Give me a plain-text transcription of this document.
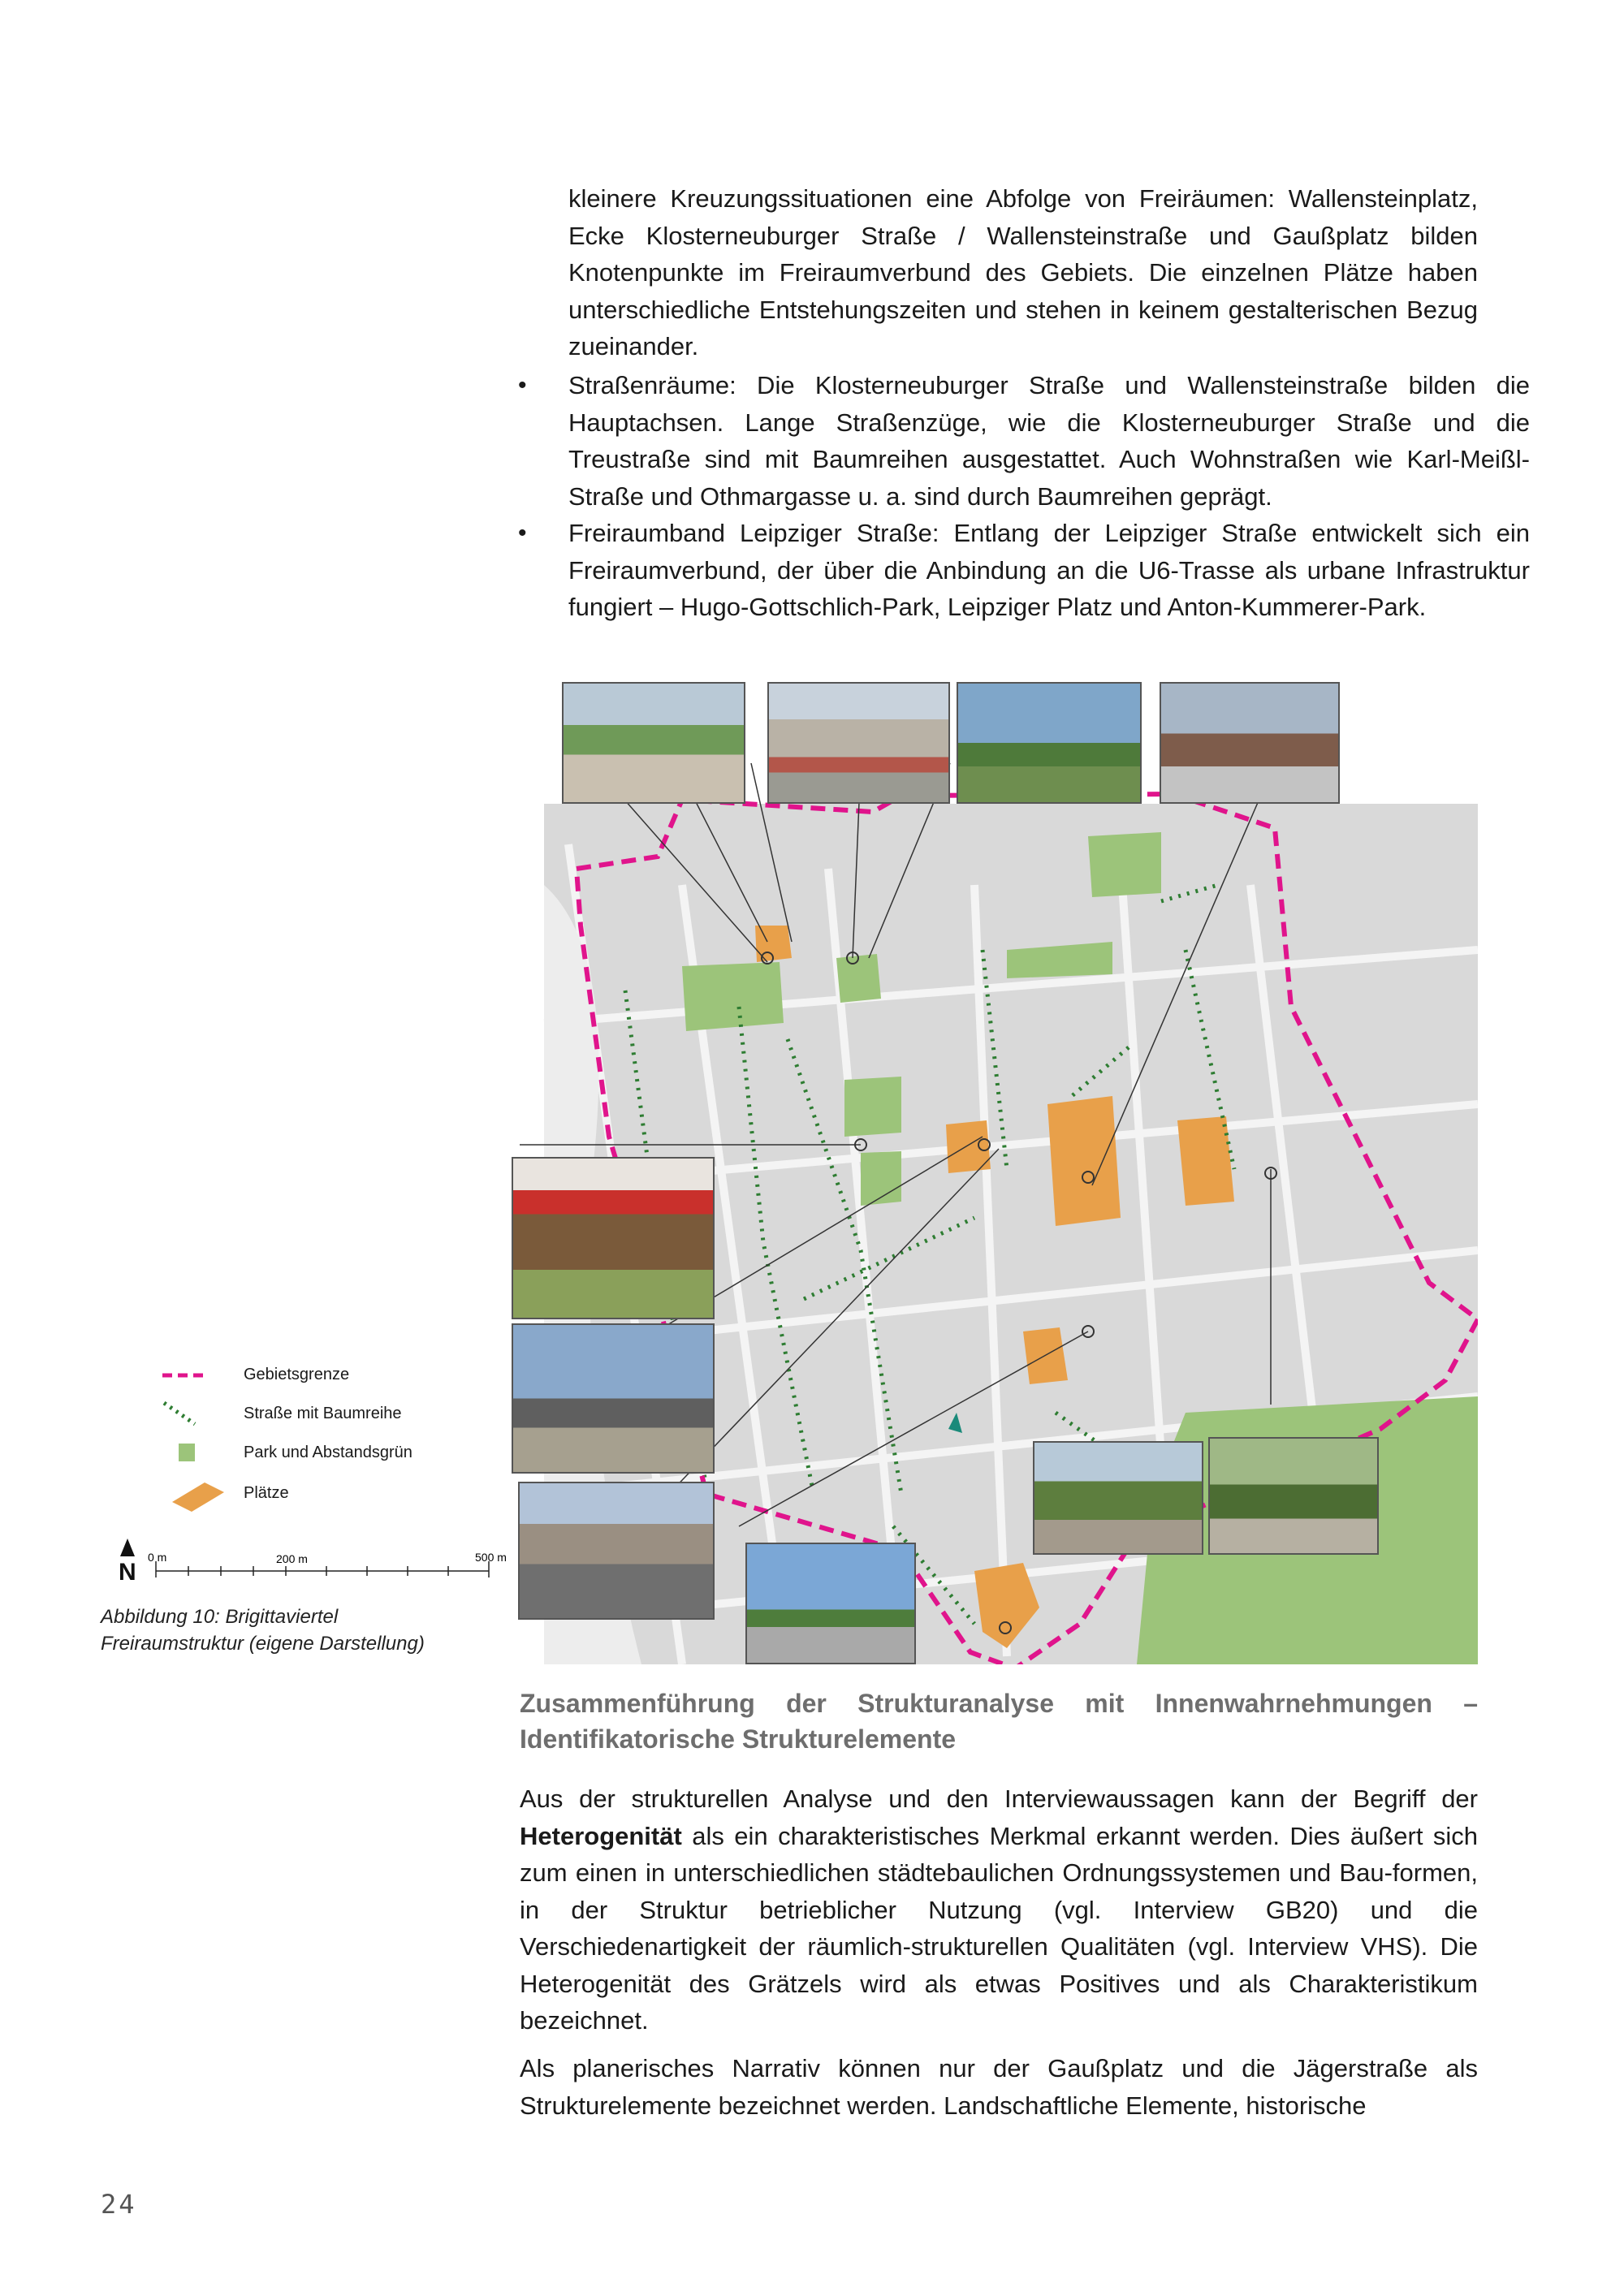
kleinere Kreuzungssituationen eine Abfolge von Freiräumen: Wallensteinplatz, Ecke Klosterneuburger Straße / Wallensteinstraße und Gaußplatz bilden Knotenpunkte im Freiraumverbund des Gebiets. Die einzelnen Plätze haben unterschiedliche Entstehungszeiten und stehen in keinem gestalterischen Bezug zueinander.

• Straßenräume: Die Klosterneuburger Straße und Wallensteinstraße bilden die Hauptachsen. Lange Straßenzüge, wie die Klosterneuburger Straße und die Treustraße sind mit Baumreihen ausgestattet. Auch Wohnstraßen wie Karl-Meißl-Straße und Othmargasse u. a. sind durch Baumreihen geprägt.
• Freiraumband Leipziger Straße: Entlang der Leipziger Straße entwickelt sich ein Freiraumverbund, der über die Anbindung an die U6-Trasse als urbane Infrastruktur fungiert – Hugo-Gottschlich-Park, Leipziger Platz und Anton-Kummerer-Park.
Gebietsgrenze
Straße mit Baumreihe
Park und Abstandsgrün
Plätze
N
0 m	200 m	500 m
Abbildung 10: Brigittaviertel
Freiraumstruktur (eigene Darstellung)
Zusammenführung der Strukturanalyse mit Innenwahrnehmungen – Identifikatorische Strukturelemente

Aus der strukturellen Analyse und den Interviewaussagen kann der Begriff der Heterogenität als ein charakteristisches Merkmal erkannt werden. Dies äußert sich zum einen in unterschiedlichen städtebaulichen Ordnungssystemen und Bau-formen, in der Struktur betrieblicher Nutzung (vgl. Interview GB20) und die Verschiedenartigkeit der räumlich-strukturellen Qualitäten (vgl. Interview VHS). Die Heterogenität des Grätzels wird als etwas Positives und als Charakteristikum bezeichnet.

Als planerisches Narrativ können nur der Gaußplatz und die Jägerstraße als Strukturelemente bezeichnet werden. Landschaftliche Elemente, historische

24
